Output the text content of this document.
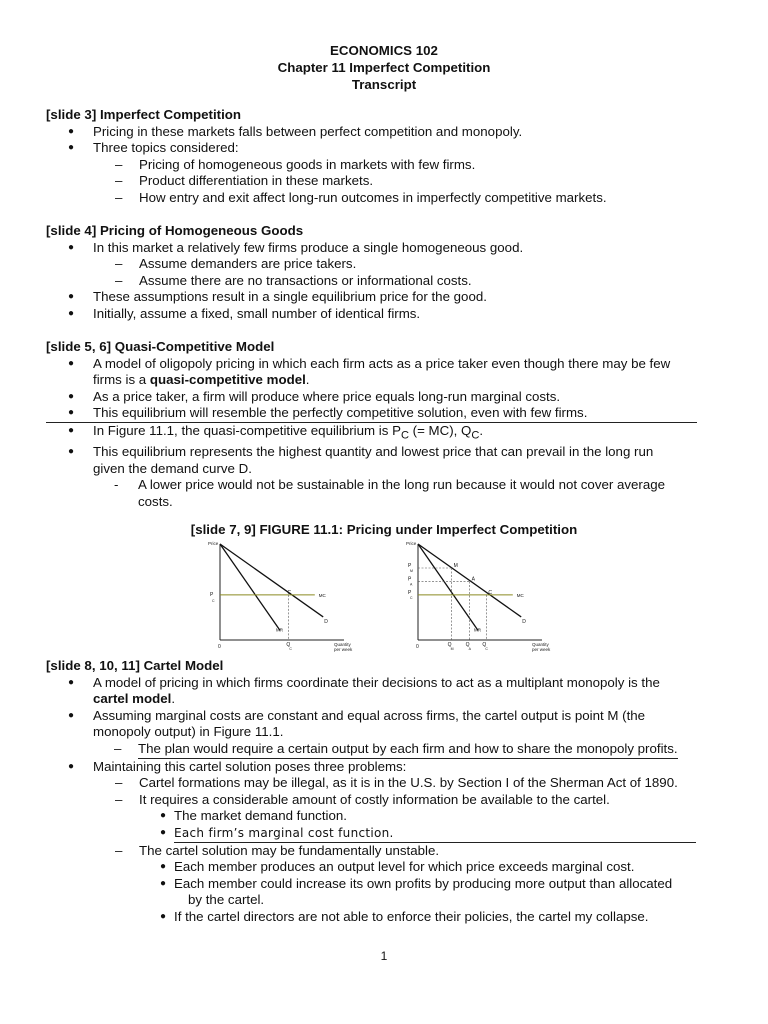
ECONOMICS 102
Chapter 11 Imperfect Competition
Transcript
[slide 3] Imperfect Competition
● Pricing in these markets falls between perfect competition and monopoly.
● Three topics considered:
– Pricing of homogeneous goods in markets with few firms.
– Product differentiation in these markets.
– How entry and exit affect long-run outcomes in imperfectly competitive markets.
[slide 4] Pricing of Homogeneous Goods
● In this market a relatively few firms produce a single homogeneous good.
– Assume demanders are price takers.
– Assume there are no transactions or informational costs.
● These assumptions result in a single equilibrium price for the good.
● Initially, assume a fixed, small number of identical firms.
[slide 5, 6] Quasi-Competitive Model
● A model of oligopoly pricing in which each firm acts as a price taker even though there may be few
firms is a quasi-competitive model.
● As a price taker, a firm will produce where price equals long-run marginal costs.
● This equilibrium will resemble the perfectly competitive solution, even with few firms.
● In Figure 11.1, the quasi-competitive equilibrium is $P_C$ (= MC), $Q_C$.
● This equilibrium represents the highest quantity and lowest price that can prevail in the long run
given the demand curve D.
- A lower price would not be sustainable in the long run because it would not cover average
costs.
[slide 7, 9] FIGURE 11.1: Pricing under Imperfect Competition
Price
0	Quantity
per week
D
MR
MC
C
P
C
Q
C
Price
0	Quantity
per week
D
MR
MC
M
P
M
Q
M
A
P
A
Q
A
C
P
C
Q
C
[slide 8, 10, 11] Cartel Model
● A model of pricing in which firms coordinate their decisions to act as a multiplant monopoly is the
cartel model.
● Assuming marginal costs are constant and equal across firms, the cartel output is point M (the
monopoly output) in Figure 11.1.
– The plan would require a certain output by each firm and how to share the monopoly profits.
● Maintaining this cartel solution poses three problems:
– Cartel formations may be illegal, as it is in the U.S. by Section I of the Sherman Act of 1890.
– It requires a considerable amount of costly information be available to the cartel.
● The market demand function.
● Each firm’s marginal cost function.
– The cartel solution may be fundamentally unstable.
● Each member produces an output level for which price exceeds marginal cost.
● Each member could increase its own profits by producing more output than allocated
by the cartel.
● If the cartel directors are not able to enforce their policies, the cartel my collapse.
1
